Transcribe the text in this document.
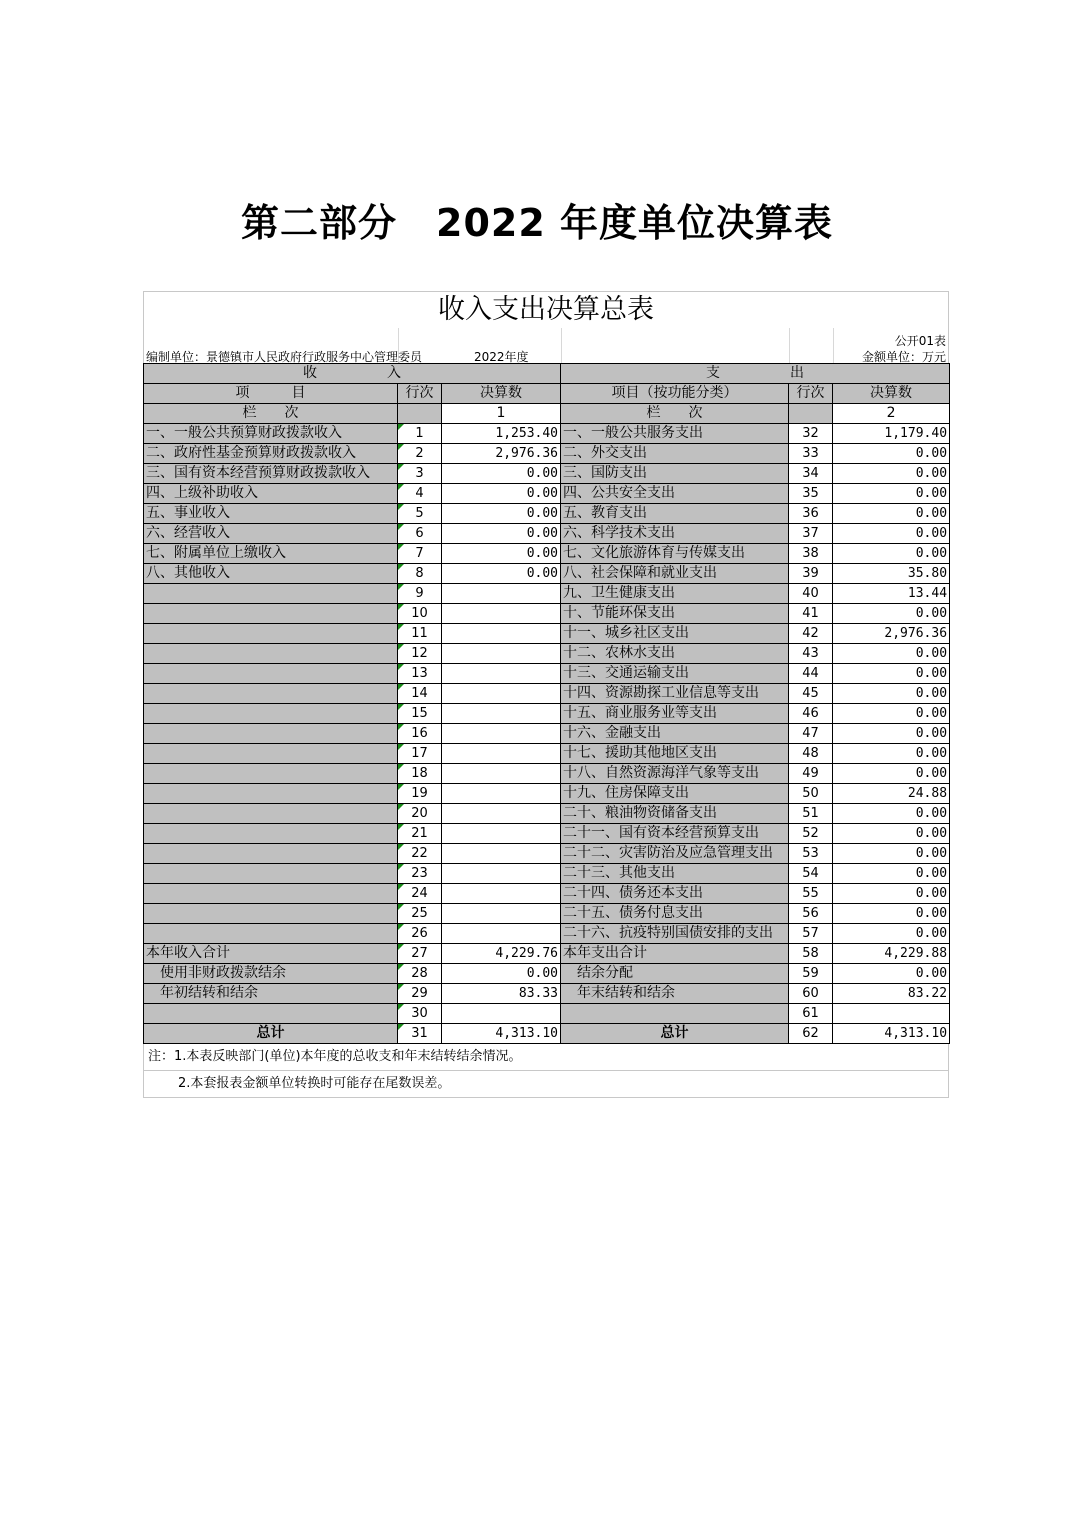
第二部分　2022 年度单位决算表
收入支出决算总表
编制单位：景德镇市人民政府行政服务中心管理委员	2022年度
公开01表
金额单位：万元
收　　　　　入			支　　　　　出		
项　　　目	行次	决算数	项目（按功能分类）	行次	决算数
栏　　次		1	栏　　次		2
一、一般公共预算财政拨款收入	1	1,253.40	一、一般公共服务支出	32	1,179.40
二、政府性基金预算财政拨款收入	2	2,976.36	二、外交支出	33	0.00
三、国有资本经营预算财政拨款收入	3	0.00	三、国防支出	34	0.00
四、上级补助收入	4	0.00	四、公共安全支出	35	0.00
五、事业收入	5	0.00	五、教育支出	36	0.00
六、经营收入	6	0.00	六、科学技术支出	37	0.00
七、附属单位上缴收入	7	0.00	七、文化旅游体育与传媒支出	38	0.00
八、其他收入	8	0.00	八、社会保障和就业支出	39	35.80
	9		九、卫生健康支出	40	13.44
	10		十、节能环保支出	41	0.00
	11		十一、城乡社区支出	42	2,976.36
	12		十二、农林水支出	43	0.00
	13		十三、交通运输支出	44	0.00
	14		十四、资源勘探工业信息等支出	45	0.00
	15		十五、商业服务业等支出	46	0.00
	16		十六、金融支出	47	0.00
	17		十七、援助其他地区支出	48	0.00
	18		十八、自然资源海洋气象等支出	49	0.00
	19		十九、住房保障支出	50	24.88
	20		二十、粮油物资储备支出	51	0.00
	21		二十一、国有资本经营预算支出	52	0.00
	22		二十二、灾害防治及应急管理支出	53	0.00
	23		二十三、其他支出	54	0.00
	24		二十四、债务还本支出	55	0.00
	25		二十五、债务付息支出	56	0.00
	26		二十六、抗疫特别国债安排的支出	57	0.00
本年收入合计	27	4,229.76	本年支出合计	58	4,229.88
　使用非财政拨款结余	28	0.00	　结余分配	59	0.00
　年初结转和结余	29	83.33	　年末结转和结余	60	83.22
	30			61	
总计	31	4,313.10	总计	62	4,313.10
注：1.本表反映部门(单位)本年度的总收支和年末结转结余情况。
2.本套报表金额单位转换时可能存在尾数误差。
